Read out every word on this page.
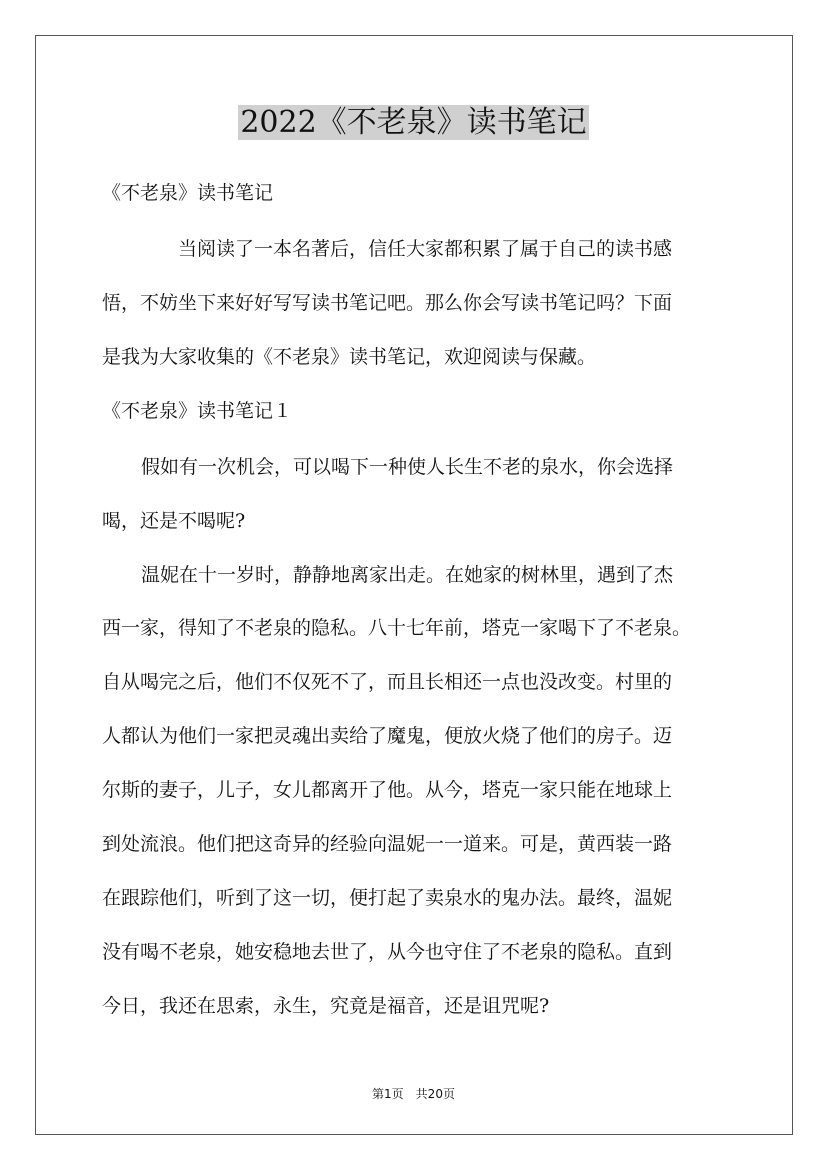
2022《不老泉》读书笔记
《不老泉》读书笔记
当阅读了一本名著后，信任大家都积累了属于自己的读书感
悟，不妨坐下来好好写写读书笔记吧。那么你会写读书笔记吗？下面
是我为大家收集的《不老泉》读书笔记，欢迎阅读与保藏。
《不老泉》读书笔记１
假如有一次机会，可以喝下一种使人长生不老的泉水，你会选择
喝，还是不喝呢?
温妮在十一岁时，静静地离家出走。在她家的树林里，遇到了杰
西一家，得知了不老泉的隐私。八十七年前，塔克一家喝下了不老泉。
自从喝完之后，他们不仅死不了，而且长相还一点也没改变。村里的
人都认为他们一家把灵魂出卖给了魔鬼，便放火烧了他们的房子。迈
尔斯的妻子，儿子，女儿都离开了他。从今，塔克一家只能在地球上
到处流浪。他们把这奇异的经验向温妮一一道来。可是，黄西装一路
在跟踪他们，听到了这一切，便打起了卖泉水的鬼办法。最终，温妮
没有喝不老泉，她安稳地去世了，从今也守住了不老泉的隐私。直到
今日，我还在思索，永生，究竟是福音，还是诅咒呢?
第1页　共20页
